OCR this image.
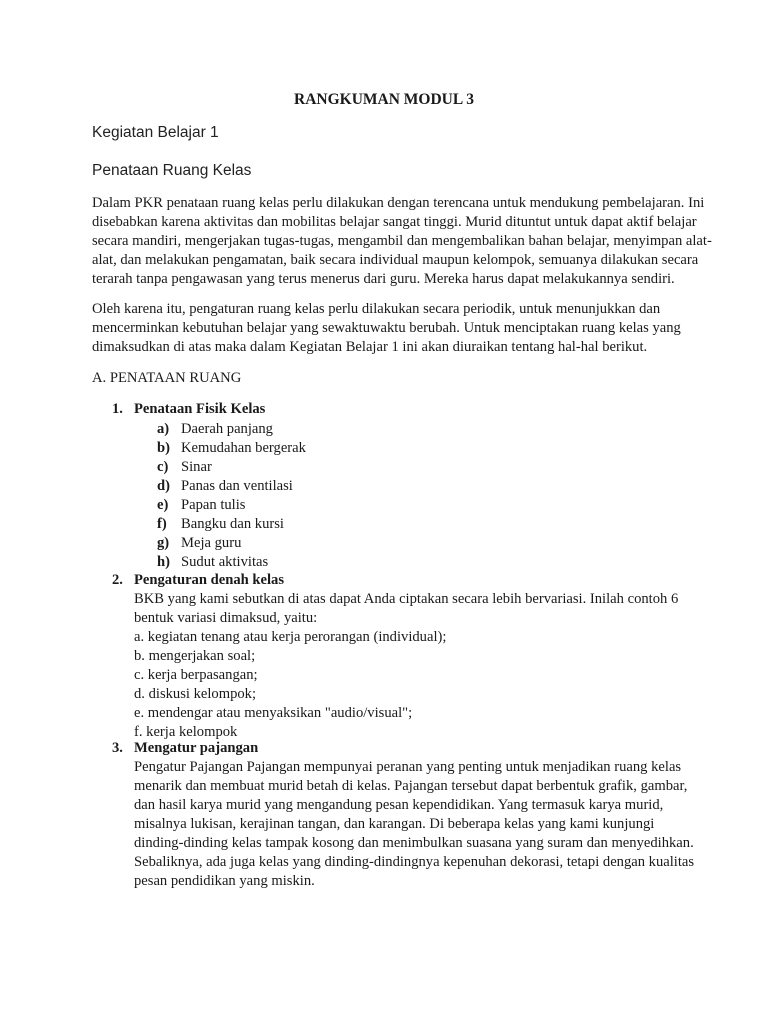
RANGKUMAN MODUL 3
Kegiatan Belajar 1
Penataan Ruang Kelas
Dalam PKR penataan ruang kelas perlu dilakukan dengan terencana untuk mendukung pembelajaran. Ini
disebabkan karena aktivitas dan mobilitas belajar sangat tinggi. Murid dituntut untuk dapat aktif belajar
secara mandiri, mengerjakan tugas-tugas, mengambil dan mengembalikan bahan belajar, menyimpan alat-
alat, dan melakukan pengamatan, baik secara individual maupun kelompok, semuanya dilakukan secara
terarah tanpa pengawasan yang terus menerus dari guru. Mereka harus dapat melakukannya sendiri.
Oleh karena itu, pengaturan ruang kelas perlu dilakukan secara periodik, untuk menunjukkan dan
mencerminkan kebutuhan belajar yang sewaktuwaktu berubah. Untuk menciptakan ruang kelas yang
dimaksudkan di atas maka dalam Kegiatan Belajar 1 ini akan diuraikan tentang hal-hal berikut.
A. PENATAAN RUANG
1. Penataan Fisik Kelas
a) Daerah panjang
b) Kemudahan bergerak
c) Sinar
d) Panas dan ventilasi
e) Papan tulis
f) Bangku dan kursi
g) Meja guru
h) Sudut aktivitas
2. Pengaturan denah kelas
BKB yang kami sebutkan di atas dapat Anda ciptakan secara lebih bervariasi. Inilah contoh 6
bentuk variasi dimaksud, yaitu:
a. kegiatan tenang atau kerja perorangan (individual);
b. mengerjakan soal;
c. kerja berpasangan;
d. diskusi kelompok;
e. mendengar atau menyaksikan "audio/visual";
f. kerja kelompok
3. Mengatur pajangan
Pengatur Pajangan Pajangan mempunyai peranan yang penting untuk menjadikan ruang kelas
menarik dan membuat murid betah di kelas. Pajangan tersebut dapat berbentuk grafik, gambar,
dan hasil karya murid yang mengandung pesan kependidikan. Yang termasuk karya murid,
misalnya lukisan, kerajinan tangan, dan karangan. Di beberapa kelas yang kami kunjungi
dinding-dinding kelas tampak kosong dan menimbulkan suasana yang suram dan menyedihkan.
Sebaliknya, ada juga kelas yang dinding-dindingnya kepenuhan dekorasi, tetapi dengan kualitas
pesan pendidikan yang miskin.
